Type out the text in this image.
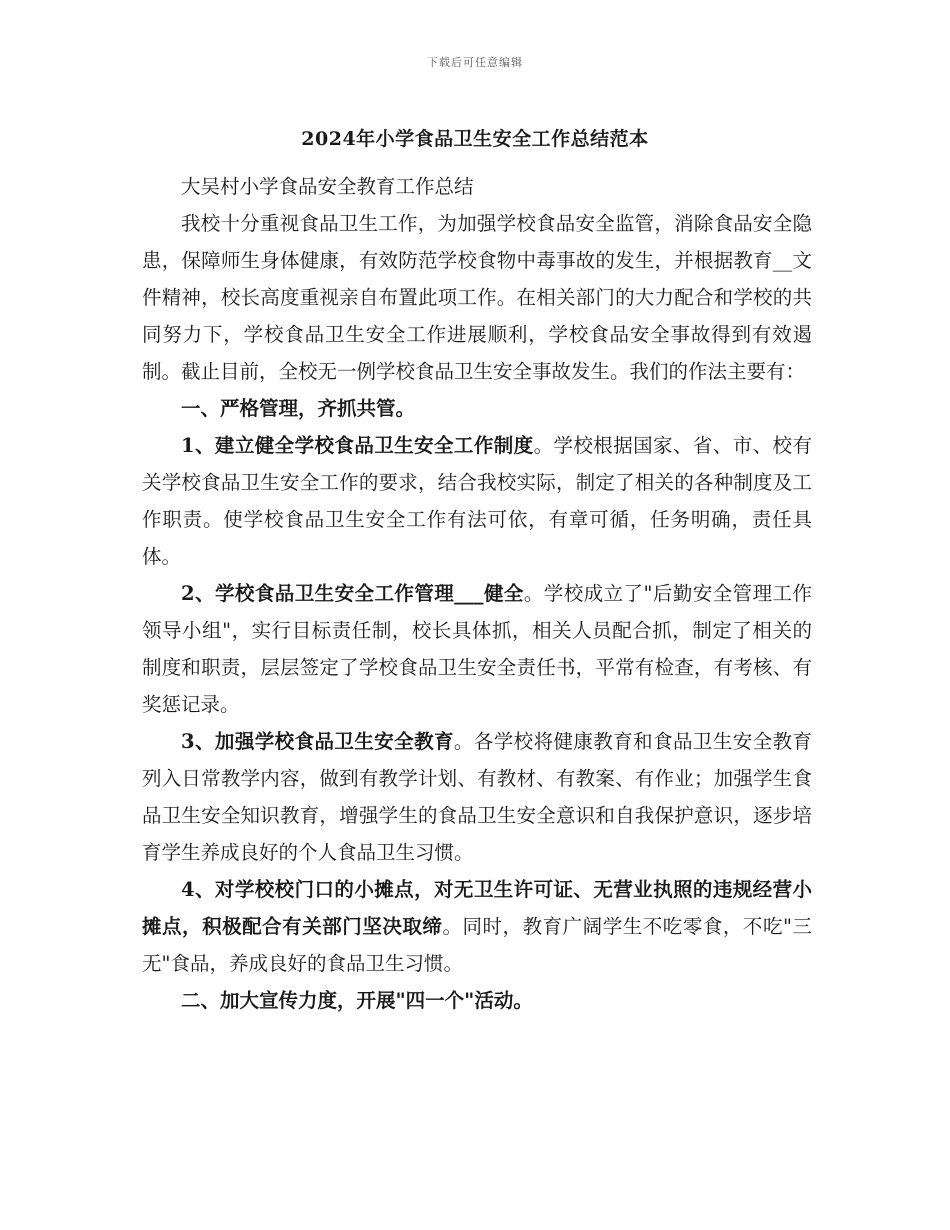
下载后可任意编辑
2024年小学食品卫生安全工作总结范本

大吴村小学食品安全教育工作总结

我校十分重视食品卫生工作，为加强学校食品安全监管，消除食品安全隐患，保障师生身体健康，有效防范学校食物中毒事故的发生，并根据教育__文件精神，校长高度重视亲自布置此项工作。在相关部门的大力配合和学校的共同努力下，学校食品卫生安全工作进展顺利，学校食品安全事故得到有效遏制。截止目前，全校无一例学校食品卫生安全事故发生。我们的作法主要有：

一、严格管理，齐抓共管。

1、建立健全学校食品卫生安全工作制度。学校根据国家、省、市、校有关学校食品卫生安全工作的要求，结合我校实际，制定了相关的各种制度及工作职责。使学校食品卫生安全工作有法可依，有章可循，任务明确，责任具体。

2、学校食品卫生安全工作管理___健全。学校成立了"后勤安全管理工作领导小组"，实行目标责任制，校长具体抓，相关人员配合抓，制定了相关的制度和职责，层层签定了学校食品卫生安全责任书，平常有检查，有考核、有奖惩记录。

3、加强学校食品卫生安全教育。各学校将健康教育和食品卫生安全教育列入日常教学内容，做到有教学计划、有教材、有教案、有作业；加强学生食品卫生安全知识教育，增强学生的食品卫生安全意识和自我保护意识，逐步培育学生养成良好的个人食品卫生习惯。

4、对学校校门口的小摊点，对无卫生许可证、无营业执照的违规经营小摊点，积极配合有关部门坚决取缔。同时，教育广阔学生不吃零食，不吃"三无"食品，养成良好的食品卫生习惯。

二、加大宣传力度，开展"四一个"活动。
